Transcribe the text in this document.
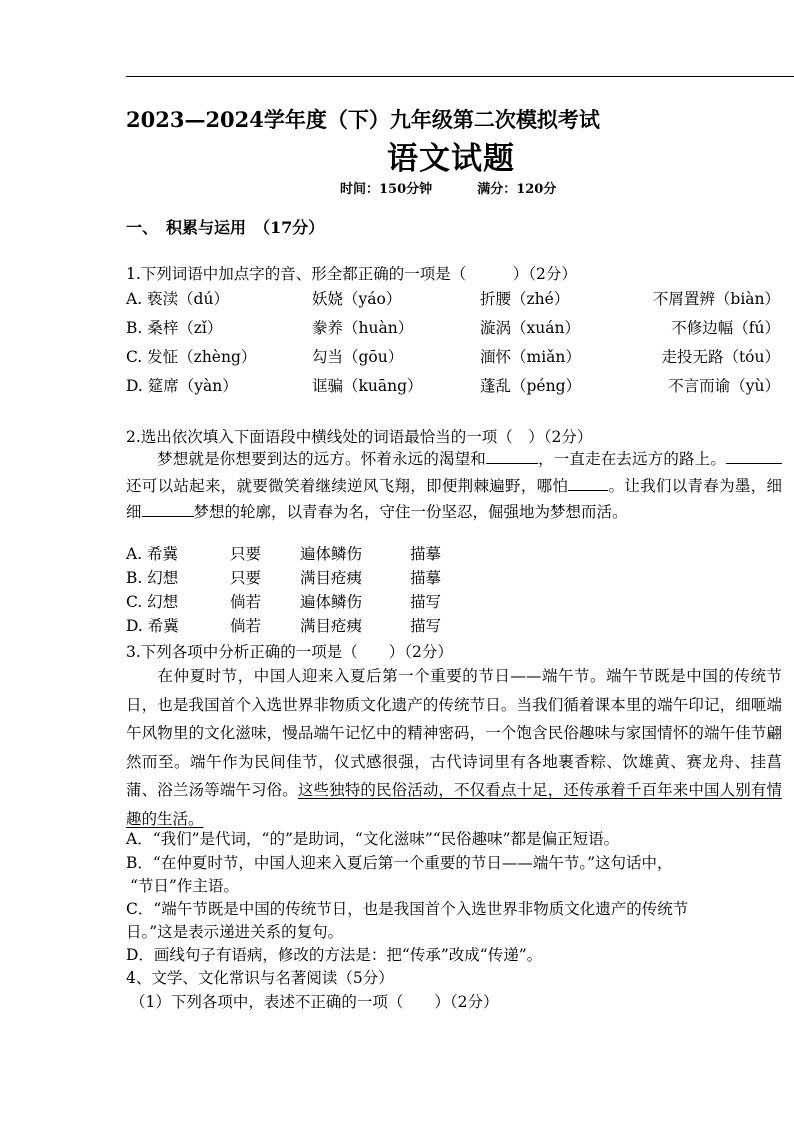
2023—2024学年度（下）九年级第二次模拟考试
语文试题
时间：150分钟	满分：120分
一、　积累与运用　（17分）
1.下列词语中加点字的音、形全都正确的一项是（　　　）（2分）
A. 亵渎（dú）	妖娆（yáo）	折腰（zhé）	不屑置辨（biàn）
B. 桑梓（zǐ）	豢养（huàn）	漩涡（xuán）	不修边幅（fú）
C. 发怔（zhèng）	勾当（gōu）	湎怀（miǎn）	走投无路（tóu）
D. 筵席（yàn）	诓骗（kuāng）	蓬乱（péng）	不言而谕（yù）
2.选出依次填入下面语段中横线处的词语最恰当的一项（　）（2分）
梦想就是你想要到达的远方。怀着永远的渴望和	，一直走在去远方的路上。还可以站起来，就要微笑着继续逆风飞翔，即便荆棘遍野，哪怕	。让我们以青春为墨，细细	梦想的轮廓，以青春为名，守住一份坚忍，倔强地为梦想而活。
A. 希冀	只要	遍体鳞伤	描摹
B. 幻想	只要	满目疮痍	描摹
C. 幻想	倘若	遍体鳞伤	描写
D. 希冀	倘若	满目疮痍	描写
3.下列各项中分析正确的一项是（　　）（2分）
在仲夏时节，中国人迎来入夏后第一个重要的节日——端午节。端午节既是中国的传统节日，也是我国首个入选世界非物质文化遗产的传统节日。当我们循着课本里的端午印记，细咂端午风物里的文化滋味，慢品端午记忆中的精神密码，一个饱含民俗趣味与家国情怀的端午佳节翩然而至。端午作为民间佳节，仪式感很强，古代诗词里有各地裹香粽、饮雄黄、赛龙舟、挂菖蒲、浴兰汤等端午习俗。这些独特的民俗活动，不仅看点十足，还传承着千百年来中国人别有情趣的生活。
A．“我们”是代词，“的”是助词，“文化滋味”“民俗趣味”都是偏正短语。
B．“在仲夏时节，中国人迎来入夏后第一个重要的节日——端午节。”这句话中，
“节日”作主语。
C．“端午节既是中国的传统节日，也是我国首个入选世界非物质文化遗产的传统节
日。”这是表示递进关系的复句。
D．画线句子有语病，修改的方法是：把“传承”改成“传递”。
4、文学、文化常识与名著阅读（5分）
（1）下列各项中，表述不正确的一项（　　）（2分）
